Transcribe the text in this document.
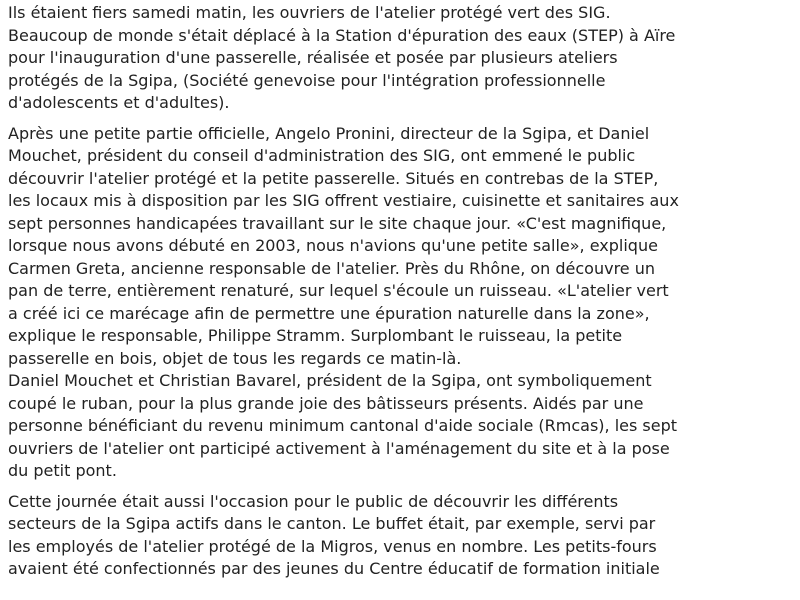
Ils étaient fiers samedi matin, les ouvriers de l'atelier protégé vert des SIG.
Beaucoup de monde s'était déplacé à la Station d'épuration des eaux (STEP) à Aïre
pour l'inauguration d'une passerelle, réalisée et posée par plusieurs ateliers
protégés de la Sgipa, (Société genevoise pour l'intégration professionnelle
d'adolescents et d'adultes).

Après une petite partie officielle, Angelo Pronini, directeur de la Sgipa, et Daniel
Mouchet, président du conseil d'administration des SIG, ont emmené le public
découvrir l'atelier protégé et la petite passerelle. Situés en contrebas de la STEP,
les locaux mis à disposition par les SIG offrent vestiaire, cuisinette et sanitaires aux
sept personnes handicapées travaillant sur le site chaque jour. «C'est magnifique,
lorsque nous avons débuté en 2003, nous n'avions qu'une petite salle», explique
Carmen Greta, ancienne responsable de l'atelier. Près du Rhône, on découvre un
pan de terre, entièrement renaturé, sur lequel s'écoule un ruisseau. «L'atelier vert
a créé ici ce marécage afin de permettre une épuration naturelle dans la zone»,
explique le responsable, Philippe Stramm. Surplombant le ruisseau, la petite
passerelle en bois, objet de tous les regards ce matin-là.

Daniel Mouchet et Christian Bavarel, président de la Sgipa, ont symboliquement
coupé le ruban, pour la plus grande joie des bâtisseurs présents. Aidés par une
personne bénéficiant du revenu minimum cantonal d'aide sociale (Rmcas), les sept
ouvriers de l'atelier ont participé activement à l'aménagement du site et à la pose
du petit pont.

Cette journée était aussi l'occasion pour le public de découvrir les différents
secteurs de la Sgipa actifs dans le canton. Le buffet était, par exemple, servi par
les employés de l'atelier protégé de la Migros, venus en nombre. Les petits-fours
avaient été confectionnés par des jeunes du Centre éducatif de formation initiale
